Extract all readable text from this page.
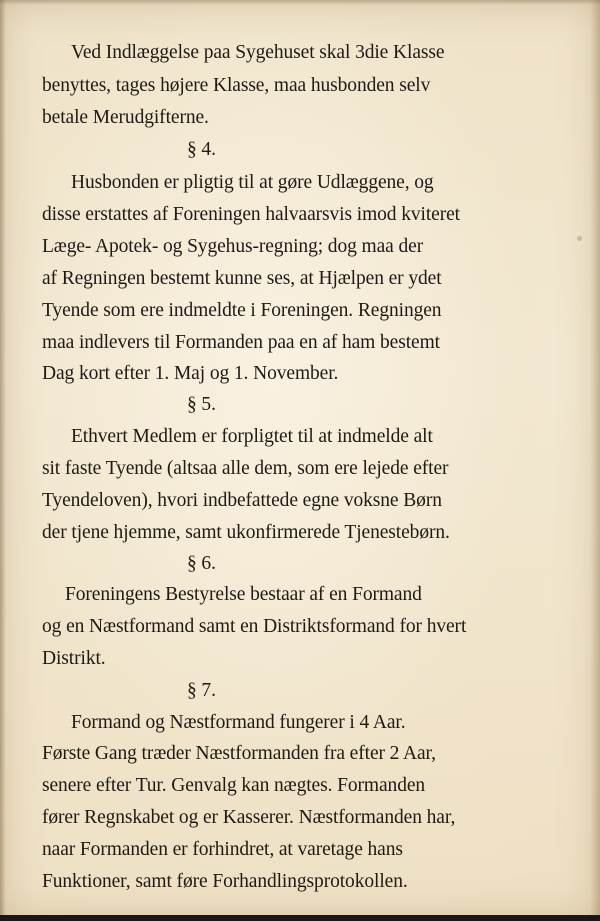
Ved Indlæggelse paa Sygehuset skal 3die Klasse
benyttes, tages højere Klasse, maa husbonden selv
betale Merudgifterne.
§ 4.
Husbonden er pligtig til at gøre Udlæggene, og
disse erstattes af Foreningen halvaarsvis imod kviteret
Læge- Apotek- og Sygehus-regning; dog maa der
af Regningen bestemt kunne ses, at Hjælpen er ydet
Tyende som ere indmeldte i Foreningen. Regningen
maa indlevers til Formanden paa en af ham bestemt
Dag kort efter 1. Maj og 1. November.
§ 5.
Ethvert Medlem er forpligtet til at indmelde alt
sit faste Tyende (altsaa alle dem, som ere lejede efter
Tyendeloven), hvori indbefattede egne voksne Børn
der tjene hjemme, samt ukonfirmerede Tjenestebørn.
§ 6.
Foreningens Bestyrelse bestaar af en Formand
og en Næstformand samt en Distriktsformand for hvert
Distrikt.
§ 7.
Formand og Næstformand fungerer i 4 Aar.
Første Gang træder Næstformanden fra efter 2 Aar,
senere efter Tur. Genvalg kan nægtes. Formanden
fører Regnskabet og er Kasserer. Næstformanden har,
naar Formanden er forhindret, at varetage hans
Funktioner, samt føre Forhandlingsprotokollen.
